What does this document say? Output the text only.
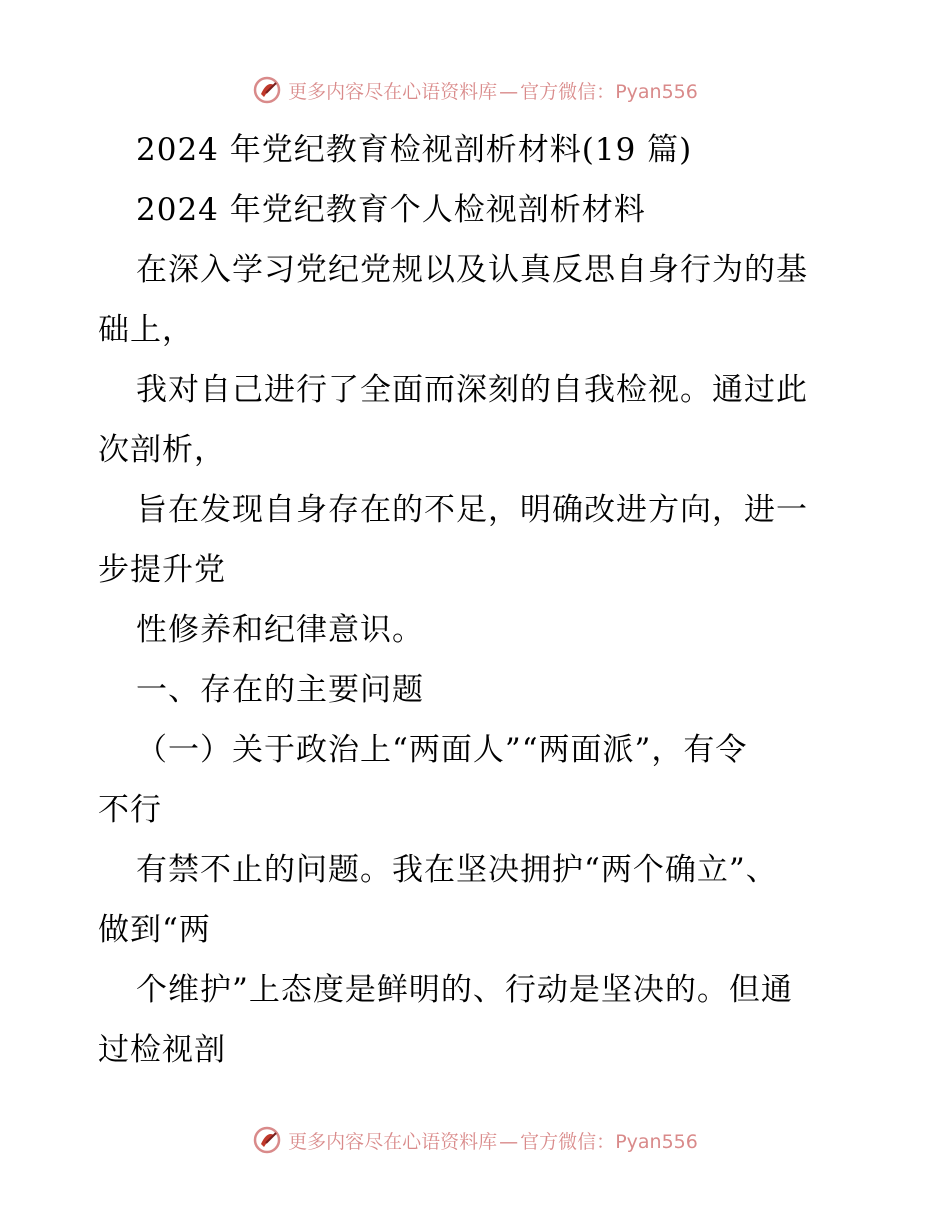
更多内容尽在心语资料库 — 官方微信：Pyan556
2024 年党纪教育检视剖析材料(19 篇)
2024 年党纪教育个人检视剖析材料
在深入学习党纪党规以及认真反思自身行为的基
础上，
我对自己进行了全面而深刻的自我检视。通过此
次剖析，
旨在发现自身存在的不足，明确改进方向，进一
步提升党
性修养和纪律意识。
一、存在的主要问题
（一）关于政治上“两面人”“两面派”，有令
不行
有禁不止的问题。我在坚决拥护“两个确立”、
做到“两
个维护”上态度是鲜明的、行动是坚决的。但通
过检视剖
更多内容尽在心语资料库 — 官方微信：Pyan556
